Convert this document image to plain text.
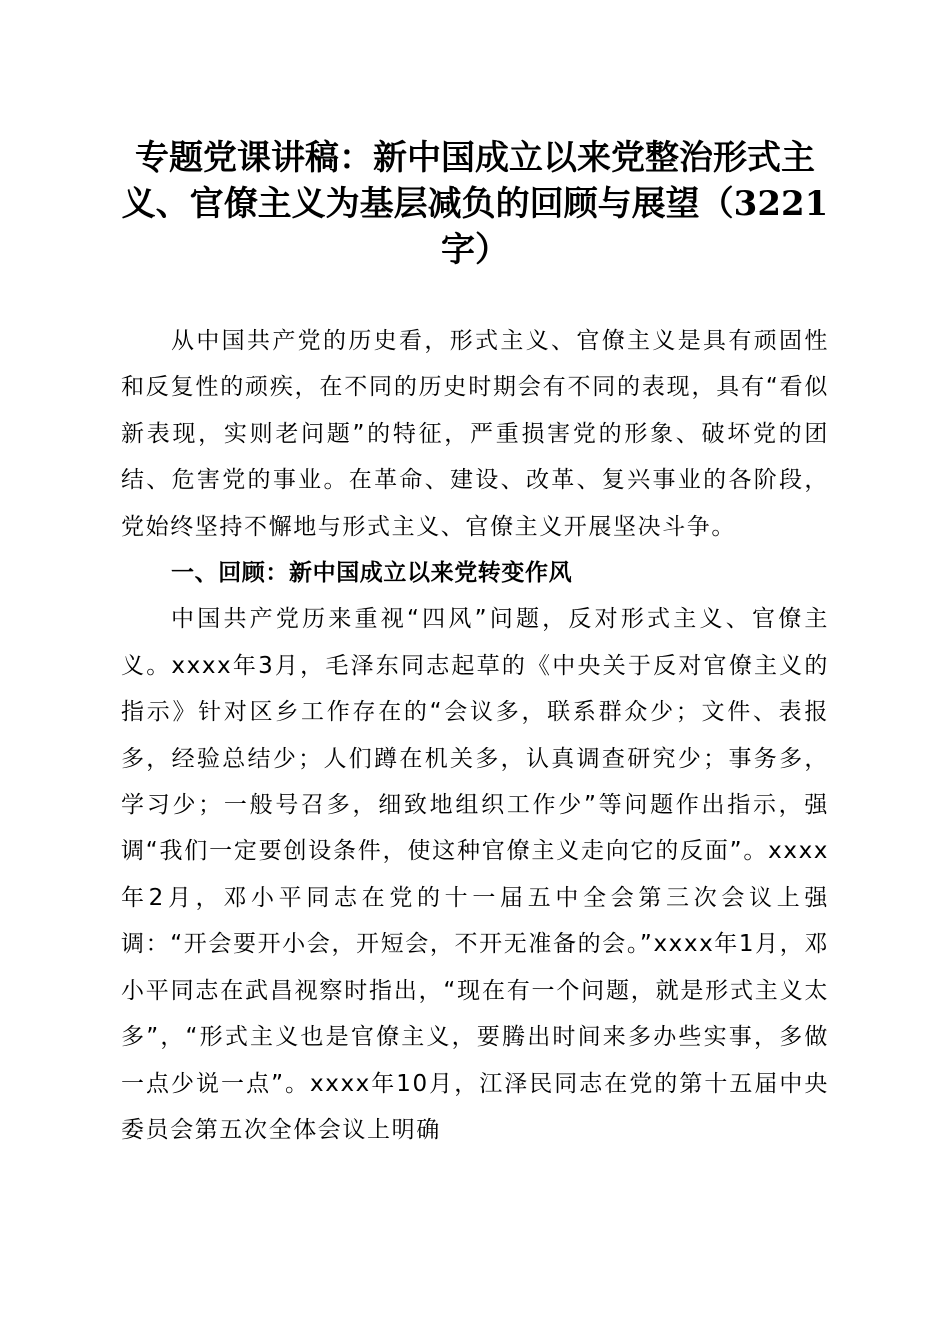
专题党课讲稿：新中国成立以来党整治形式主义、官僚主义为基层减负的回顾与展望（3221字）

从中国共产党的历史看，形式主义、官僚主义是具有顽固性和反复性的顽疾，在不同的历史时期会有不同的表现，具有“看似新表现，实则老问题”的特征，严重损害党的形象、破坏党的团结、危害党的事业。在革命、建设、改革、复兴事业的各阶段，党始终坚持不懈地与形式主义、官僚主义开展坚决斗争。

一、回顾：新中国成立以来党转变作风

中国共产党历来重视“四风”问题，反对形式主义、官僚主义。xxxx年3月，毛泽东同志起草的《中央关于反对官僚主义的指示》针对区乡工作存在的“会议多，联系群众少；文件、表报多，经验总结少；人们蹲在机关多，认真调查研究少；事务多，学习少；一般号召多，细致地组织工作少”等问题作出指示，强调“我们一定要创设条件，使这种官僚主义走向它的反面”。xxxx年2月，邓小平同志在党的十一届五中全会第三次会议上强调：“开会要开小会，开短会，不开无准备的会。”xxxx年1月，邓小平同志在武昌视察时指出，“现在有一个问题，就是形式主义太多”，“形式主义也是官僚主义，要腾出时间来多办些实事，多做一点少说一点”。xxxx年10月，江泽民同志在党的第十五届中央委员会第五次全体会议上明确
